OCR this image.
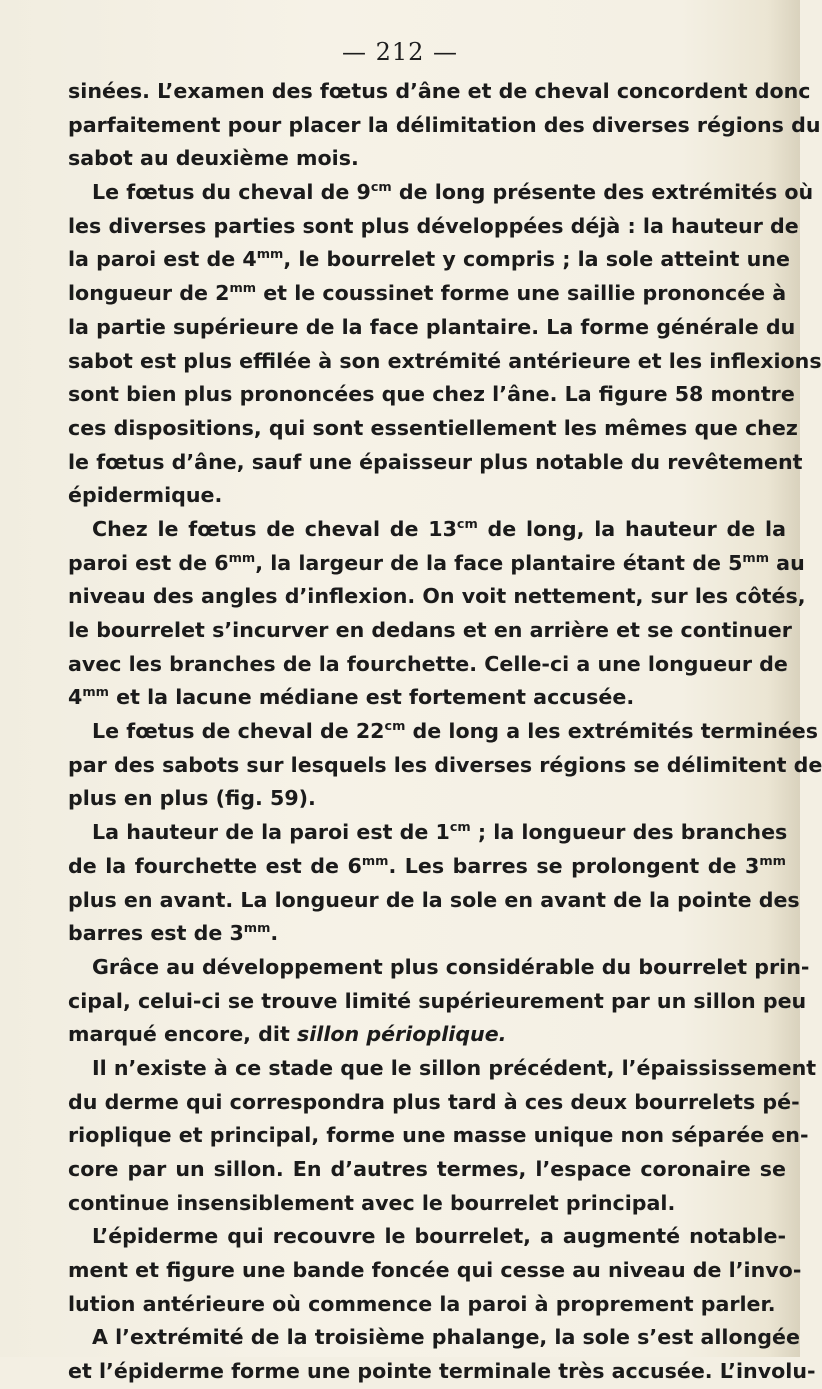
— 212 —
sinées. L’examen des fœtus d’âne et de cheval concordent donc
parfaitement pour placer la délimitation des diverses régions du
sabot au deuxième mois.
Le fœtus du cheval de $9^{cm}$ de long présente des extrémités où
les diverses parties sont plus développées déjà : la hauteur de
la paroi est de $4^{mm}$, le bourrelet y compris ; la sole atteint une
longueur de $2^{mm}$ et le coussinet forme une saillie prononcée à
la partie supérieure de la face plantaire. La forme générale du
sabot est plus effilée à son extrémité antérieure et les inflexions
sont bien plus prononcées que chez l’âne. La figure 58 montre
ces dispositions, qui sont essentiellement les mêmes que chez
le fœtus d’âne, sauf une épaisseur plus notable du revêtement
épidermique.
Chez le fœtus de cheval de $13^{cm}$ de long, la hauteur de la
paroi est de $6^{mm}$, la largeur de la face plantaire étant de $5^{mm}$ au
niveau des angles d’inflexion. On voit nettement, sur les côtés,
le bourrelet s’incurver en dedans et en arrière et se continuer
avec les branches de la fourchette. Celle-ci a une longueur de
$4^{mm}$ et la lacune médiane est fortement accusée.
Le fœtus de cheval de $22^{cm}$ de long a les extrémités terminées
par des sabots sur lesquels les diverses régions se délimitent de
plus en plus (fig. 59).
La hauteur de la paroi est de $1^{cm}$ ; la longueur des branches
de la fourchette est de $6^{mm}$. Les barres se prolongent de $3^{mm}$
plus en avant. La longueur de la sole en avant de la pointe des
barres est de $3^{mm}$.
Grâce au développement plus considérable du bourrelet prin-
cipal, celui-ci se trouve limité supérieurement par un sillon peu
marqué encore, dit sillon périoplique.
Il n’existe à ce stade que le sillon précédent, l’épaississement
du derme qui correspondra plus tard à ces deux bourrelets pé-
rioplique et principal, forme une masse unique non séparée en-
core par un sillon. En d’autres termes, l’espace coronaire se
continue insensiblement avec le bourrelet principal.
L’épiderme qui recouvre le bourrelet, a augmenté notable-
ment et figure une bande foncée qui cesse au niveau de l’invo-
lution antérieure où commence la paroi à proprement parler.
A l’extrémité de la troisième phalange, la sole s’est allongée
et l’épiderme forme une pointe terminale très accusée. L’involu-
